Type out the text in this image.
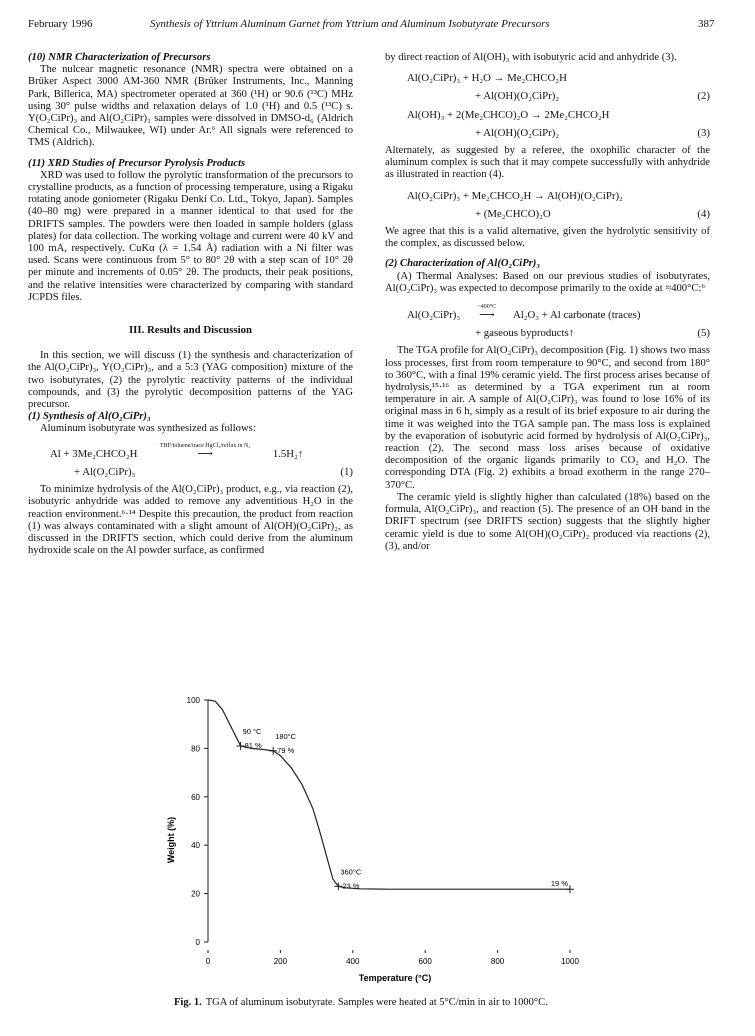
February 1996	Synthesis of Yttrium Aluminum Garnet from Yttrium and Aluminum Isobutyrate Precursors	387

(10) NMR Characterization of Precursors

The nulcear magnetic resonance (NMR) spectra were obtained on a Brüker Aspect 3000 AM-360 NMR (Brüker Instruments, Inc., Manning Park, Billerica, MA) spectrometer operated at 360 (¹H) or 90.6 (¹³C) MHz using 30° pulse widths and relaxation delays of 1.0 (¹H) and 0.5 (¹³C) s. Y(O₂CiPr)₃ and Al(O₂CiPr)₃ samples were dissolved in DMSO-d₆ (Aldrich Chemical Co., Milwaukee, WI) under Ar.⁶ All signals were referenced to TMS (Aldrich).

(11) XRD Studies of Precursor Pyrolysis Products

XRD was used to follow the pyrolytic transformation of the precursors to crystalline products, as a function of processing temperature, using a Rigaku rotating anode goniometer (Rigaku Denki Co. Ltd., Tokyo, Japan). Samples (40–80 mg) were prepared in a manner identical to that used for the DRIFTS samples. The powders were then loaded in sample holders (glass plates) for data collection. The working voltage and current were 40 kV and 100 mA, respectively. CuKα (λ = 1.54 Å) radiation with a Ni filter was used. Scans were continuous from 5° to 80° 2θ with a step scan of 10° 2θ per minute and increments of 0.05° 2θ. The products, their peak positions, and the relative intensities were characterized by comparing with standard JCPDS files.

III. Results and Discussion

In this section, we will discuss (1) the synthesis and characterization of the Al(O₂CiPr)₃, Y(O₂CiPr)₃, and a 5:3 (YAG composition) mixture of the two isobutyrates, (2) the pyrolytic reactivity patterns of the individual compounds, and (3) the pyrolytic decomposition patterns of the YAG precursor.

(1) Synthesis of Al(O₂CiPr)₃

Aluminum isobutyrate was synthesized as follows:

Al + 3Me₂CHCO₂H
THF/toluene/trace HgCl₂/reflux in N₂
⟶	1.5H₂↑
+ Al(O₂CiPr)₃	(1)

To minimize hydrolysis of the Al(O₂CiPr)₃ product, e.g., via reaction (2), isobutyric anhydride was added to remove any adventitious H₂O in the reaction environment.⁶·¹⁴ Despite this precaution, the product from reaction (1) was always contaminated with a slight amount of Al(OH)(O₂CiPr)₂, as discussed in the DRIFTS section, which could derive from the aluminum hydroxide scale on the Al powder surface, as confirmed

by direct reaction of Al(OH)₃ with isobutyric acid and anhydride (3).

Al(O₂CiPr)₃ + H₂O → Me₂CHCO₂H
+ Al(OH)(O₂CiPr)₂	(2)
Al(OH)₃ + 2(Me₂CHCO)₂O → 2Me₂CHCO₂H
+ Al(OH)(O₂CiPr)₂	(3)

Alternately, as suggested by a referee, the oxophilic character of the aluminum complex is such that it may compete successfully with anhydride as illustrated in reaction (4).

Al(O₂CiPr)₃ + Me₂CHCO₂H → Al(OH)(O₂CiPr)₂
+ (Me₂CHCO)₂O	(4)

We agree that this is a valid alternative, given the hydrolytic sensitivity of the complex, as discussed below.

(2) Characterization of Al(O₂CiPr)₃

(A) Thermal Analyses: Based on our previous studies of isobutyrates, Al(O₂CiPr)₃ was expected to decompose primarily to the oxide at ≈400°C:⁶

Al(O₂CiPr)₃
~400°C
⟶ Al₂O₃ + Al carbonate (traces)
+ gaseous byproducts↑	(5)

The TGA profile for Al(O₂CiPr)₃ decomposition (Fig. 1) shows two mass loss processes, first from room temperature to 90°C, and second from 180° to 360°C, with a final 19% ceramic yield. The first process arises because of hydrolysis,¹⁵·¹⁶ as determined by a TGA experiment run at room temperature in air. A sample of Al(O₂CiPr)₃ was found to lose 16% of its original mass in 6 h, simply as a result of its brief exposure to air during the time it was weighed into the TGA sample pan. The mass loss is explained by the evaporation of isobutyric acid formed by hydrolysis of Al(O₂CiPr)₃, reaction (2). The second mass loss arises because of oxidative decomposition of the organic ligands primarily to CO₂ and H₂O. The corresponding DTA (Fig. 2) exhibits a broad exotherm in the range 270–370°C.

The ceramic yield is slightly higher than calculated (18%) based on the formula, Al(O₂CiPr)₃, and reaction (5). The presence of an OH band in the DRIFT spectrum (see DRIFTS section) suggests that the slightly higher ceramic yield is due to some Al(OH)(O₂CiPr)₂ produced via reactions (2), (3), and/or

0
20
40
60
80
100
0	200	400	600	800	1000
90 °C
81 %
180°C
79 %
360°C
23 %	19 %
Temperature (°C)
Weight (%)
Fig. 1. TGA of aluminum isobutyrate. Samples were heated at 5°C/min in air to 1000°C.
